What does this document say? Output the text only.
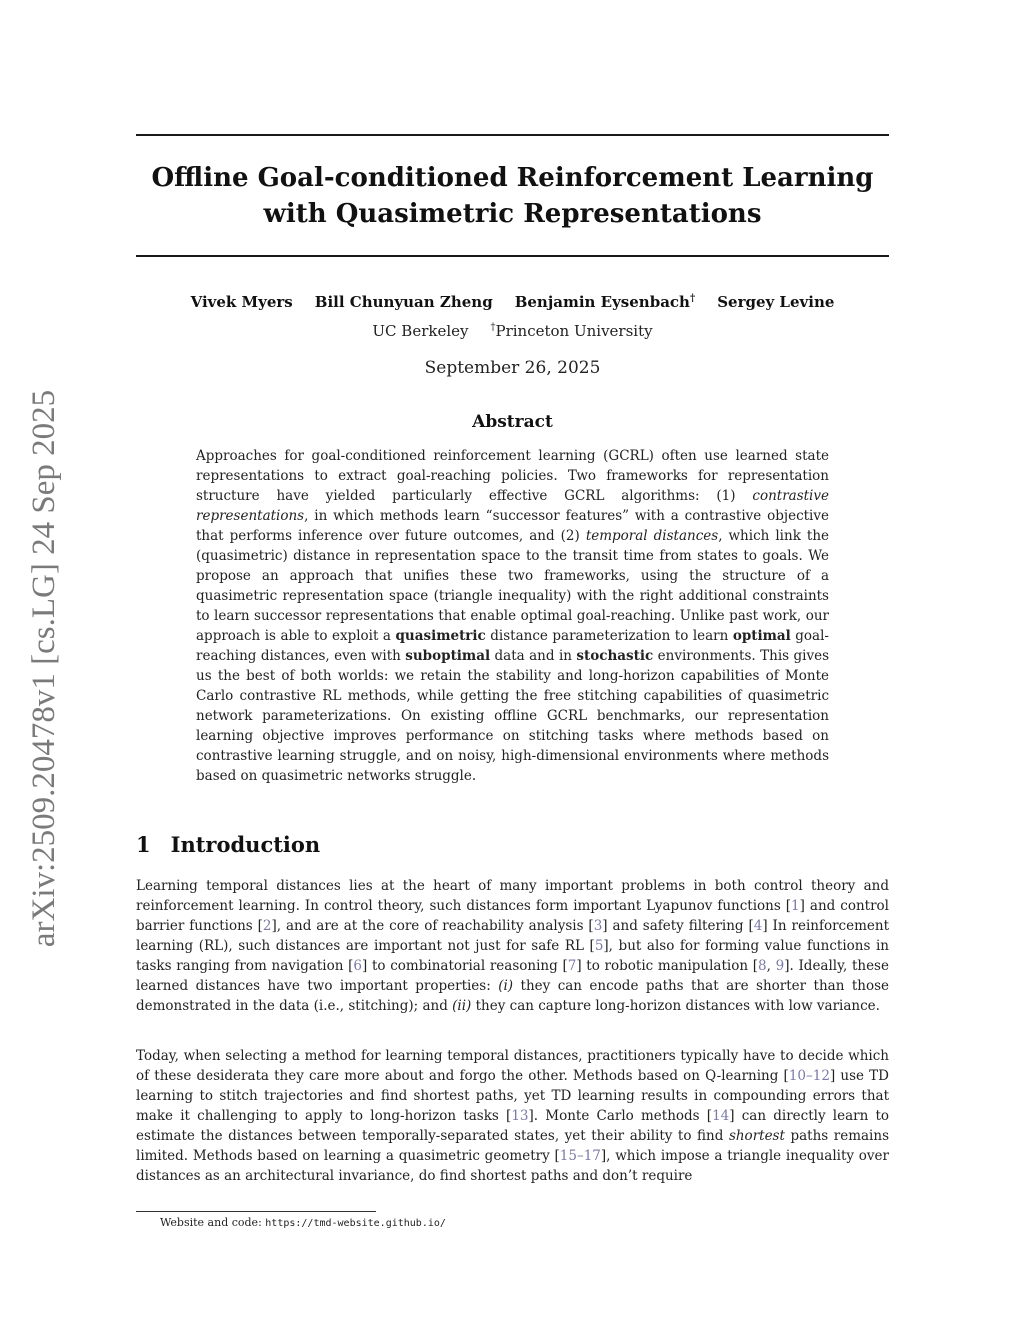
arXiv:2509.20478v1 [cs.LG] 24 Sep 2025
Offline Goal-conditioned Reinforcement Learning with Quasimetric Representations
Vivek Myers Bill Chunyuan Zheng Benjamin Eysenbach† Sergey Levine
UC Berkeley †Princeton University
September 26, 2025
Abstract

Approaches for goal-conditioned reinforcement learning (GCRL) often use learned state representations to extract goal-reaching policies. Two frameworks for representation structure have yielded particularly effective GCRL algorithms: (1) contrastive representations, in which methods learn “successor features” with a contrastive objective that performs inference over future outcomes, and (2) temporal distances, which link the (quasimetric) distance in representation space to the transit time from states to goals. We propose an approach that unifies these two frameworks, using the structure of a quasimetric representation space (triangle inequality) with the right additional constraints to learn successor representations that enable optimal goal-reaching. Unlike past work, our approach is able to exploit a quasimetric distance parameterization to learn optimal goal-reaching distances, even with suboptimal data and in stochastic environments. This gives us the best of both worlds: we retain the stability and long-horizon capabilities of Monte Carlo contrastive RL methods, while getting the free stitching capabilities of quasimetric network parameterizations. On existing offline GCRL benchmarks, our representation learning objective improves performance on stitching tasks where methods based on contrastive learning struggle, and on noisy, high-dimensional environments where methods based on quasimetric networks struggle.

1 Introduction

Learning temporal distances lies at the heart of many important problems in both control theory and reinforcement learning. In control theory, such distances form important Lyapunov functions [1] and control barrier functions [2], and are at the core of reachability analysis [3] and safety filtering [4] In reinforcement learning (RL), such distances are important not just for safe RL [5], but also for forming value functions in tasks ranging from navigation [6] to combinatorial reasoning [7] to robotic manipulation [8, 9]. Ideally, these learned distances have two important properties: (i) they can encode paths that are shorter than those demonstrated in the data (i.e., stitching); and (ii) they can capture long-horizon distances with low variance.

Today, when selecting a method for learning temporal distances, practitioners typically have to decide which of these desiderata they care more about and forgo the other. Methods based on Q-learning [10–12] use TD learning to stitch trajectories and find shortest paths, yet TD learning results in compounding errors that make it challenging to apply to long-horizon tasks [13]. Monte Carlo methods [14] can directly learn to estimate the distances between temporally-separated states, yet their ability to find shortest paths remains limited. Methods based on learning a quasimetric geometry [15–17], which impose a triangle inequality over distances as an architectural invariance, do find shortest paths and don’t require

Website and code: https://tmd-website.github.io/
